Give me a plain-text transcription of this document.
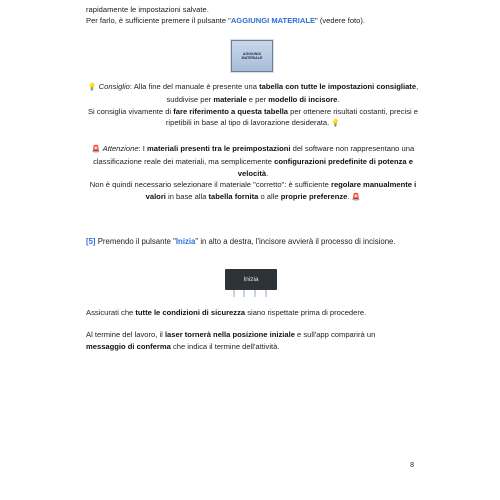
rapidamente le impostazioni salvate.

Per farlo, è sufficiente premere il pulsante "AGGIUNGI MATERIALE" (vedere foto).

AGGIUNGI MATERIALE

💡 Consiglio: Alla fine del manuale è presente una tabella con tutte le impostazioni consigliate, suddivise per materiale e per modello di incisore.
Si consiglia vivamente di fare riferimento a questa tabella per ottenere risultati costanti, precisi e ripetibili in base al tipo di lavorazione desiderata. 💡

🚨 Attenzione: I materiali presenti tra le preimpostazioni del software non rappresentano una classificazione reale dei materiali, ma semplicemente configurazioni predefinite di potenza e velocità.
Non è quindi necessario selezionare il materiale "corretto": è sufficiente regolare manualmente i valori in base alla tabella fornita o alle proprie preferenze. 🚨

[5] Premendo il pulsante "Inizia" in alto a destra, l'incisore avvierà il processo di incisione.

Inizia

Assicurati che tutte le condizioni di sicurezza siano rispettate prima di procedere.

Al termine del lavoro, il laser tornerà nella posizione iniziale e sull'app comparirà un messaggio di conferma che indica il termine dell'attività.

8
